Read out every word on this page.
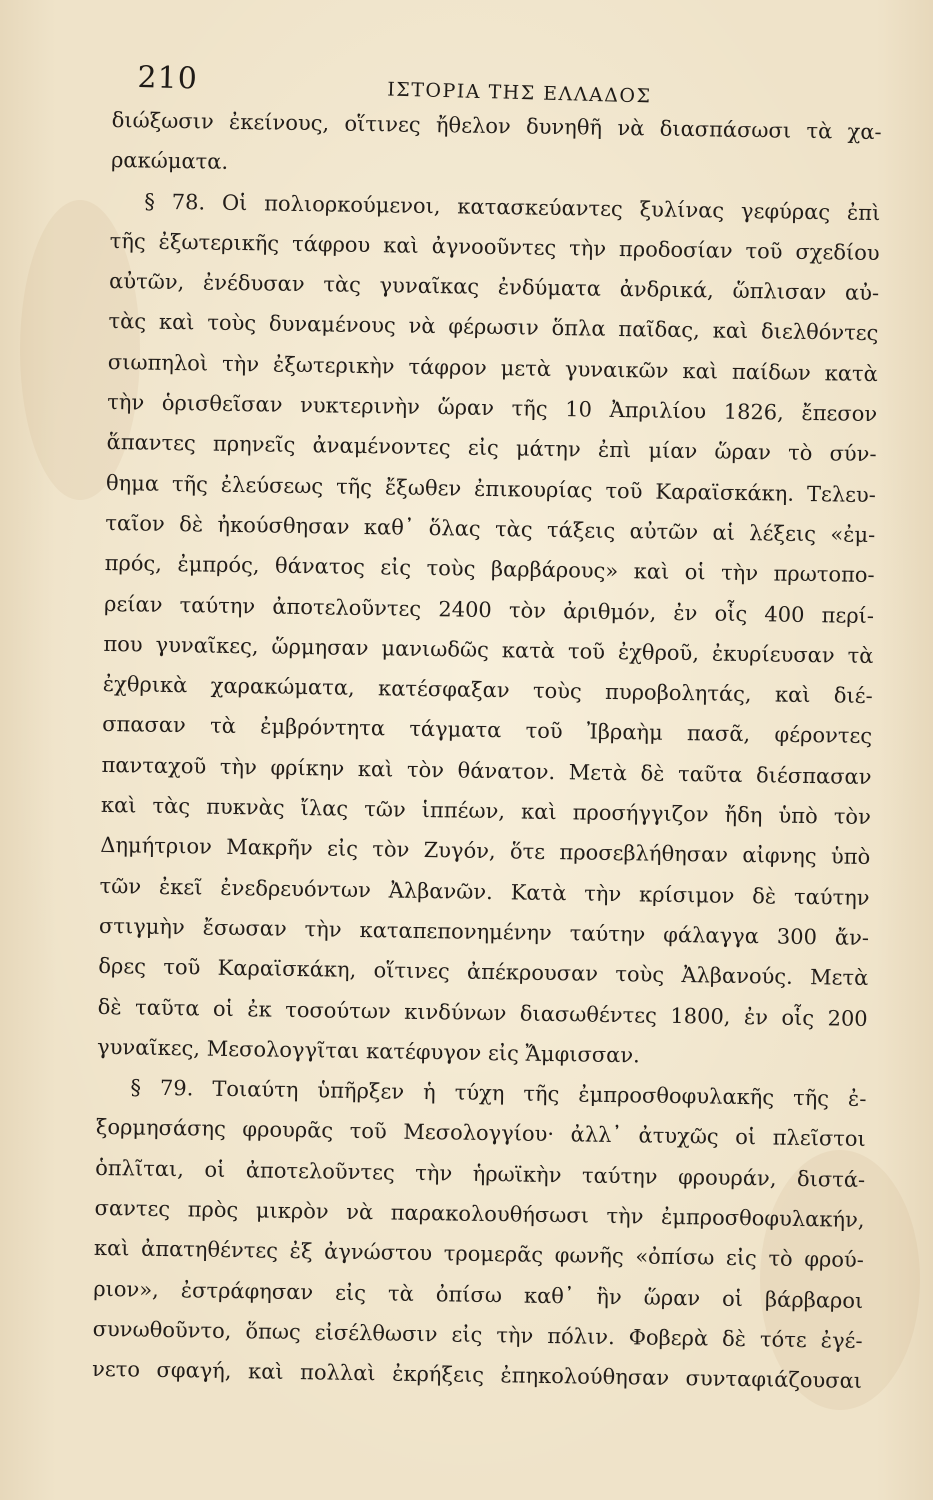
210	ΙΣΤΟΡΙΑ ΤΗΣ ΕΛΛΑΔΟΣ
διώξωσιν ἐκείνους, οἵτινες ἤθελον δυνηθῆ νὰ διασπάσωσι τὰ χα-
ρακώματα.
§ 78. Οἱ πολιορκούμενοι, κατασκεύαντες ξυλίνας γεφύρας ἐπὶ
τῆς ἐξωτερικῆς τάφρου καὶ ἀγνοοῦντες τὴν προδοσίαν τοῦ σχεδίου
αὐτῶν, ἐνέδυσαν τὰς γυναῖκας ἐνδύματα ἀνδρικά, ὥπλισαν αὐ-
τὰς καὶ τοὺς δυναμένους νὰ φέρωσιν ὅπλα παῖδας, καὶ διελθόντες
σιωπηλοὶ τὴν ἐξωτερικὴν τάφρον μετὰ γυναικῶν καὶ παίδων κατὰ
τὴν ὁρισθεῖσαν νυκτερινὴν ὥραν τῆς 10 Ἀπριλίου 1826, ἔπεσον
ἅπαντες πρηνεῖς ἀναμένοντες εἰς μάτην ἐπὶ μίαν ὥραν τὸ σύν-
θημα τῆς ἐλεύσεως τῆς ἔξωθεν ἐπικουρίας τοῦ Καραϊσκάκη. Τελευ-
ταῖον δὲ ἠκούσθησαν καθ᾽ ὅλας τὰς τάξεις αὐτῶν αἱ λέξεις «ἐμ-
πρός, ἐμπρός, θάνατος εἰς τοὺς βαρβάρους» καὶ οἱ τὴν πρωτοπο-
ρείαν ταύτην ἀποτελοῦντες 2400 τὸν ἀριθμόν, ἐν οἷς 400 περί-
που γυναῖκες, ὥρμησαν μανιωδῶς κατὰ τοῦ ἐχθροῦ, ἐκυρίευσαν τὰ
ἐχθρικὰ χαρακώματα, κατέσφαξαν τοὺς πυροβολητάς, καὶ διέ-
σπασαν τὰ ἐμβρόντητα τάγματα τοῦ Ἰβραὴμ πασᾶ, φέροντες
πανταχοῦ τὴν φρίκην καὶ τὸν θάνατον. Μετὰ δὲ ταῦτα διέσπασαν
καὶ τὰς πυκνὰς ἴλας τῶν ἱππέων, καὶ προσήγγιζον ἤδη ὑπὸ τὸν
Δημήτριον Μακρῆν εἰς τὸν Ζυγόν, ὅτε προσεβλήθησαν αἰφνης ὑπὸ
τῶν ἐκεῖ ἐνεδρευόντων Ἀλβανῶν. Κατὰ τὴν κρίσιμον δὲ ταύτην
στιγμὴν ἔσωσαν τὴν καταπεπονημένην ταύτην φάλαγγα 300 ἄν-
δρες τοῦ Καραϊσκάκη, οἵτινες ἀπέκρουσαν τοὺς Ἀλβανούς. Μετὰ
δὲ ταῦτα οἱ ἐκ τοσούτων κινδύνων διασωθέντες 1800, ἐν οἷς 200
γυναῖκες, Μεσολογγῖται κατέφυγον εἰς Ἄμφισσαν.
§ 79. Τοιαύτη ὑπῆρξεν ἡ τύχη τῆς ἐμπροσθοφυλακῆς τῆς ἐ-
ξορμησάσης φρουρᾶς τοῦ Μεσολογγίου· ἀλλ᾽ ἀτυχῶς οἱ πλεῖστοι
ὁπλῖται, οἱ ἀποτελοῦντες τὴν ἡρωϊκὴν ταύτην φρουράν, διστά-
σαντες πρὸς μικρὸν νὰ παρακολουθήσωσι τὴν ἐμπροσθοφυλακήν,
καὶ ἀπατηθέντες ἐξ ἀγνώστου τρομερᾶς φωνῆς «ὀπίσω εἰς τὸ φρού-
ριον», ἐστράφησαν εἰς τὰ ὀπίσω καθ᾽ ἣν ὥραν οἱ βάρβαροι
συνωθοῦντο, ὅπως εἰσέλθωσιν εἰς τὴν πόλιν. Φοβερὰ δὲ τότε ἐγέ-
νετο σφαγή, καὶ πολλαὶ ἐκρήξεις ἐπηκολούθησαν συνταφιάζουσαι
